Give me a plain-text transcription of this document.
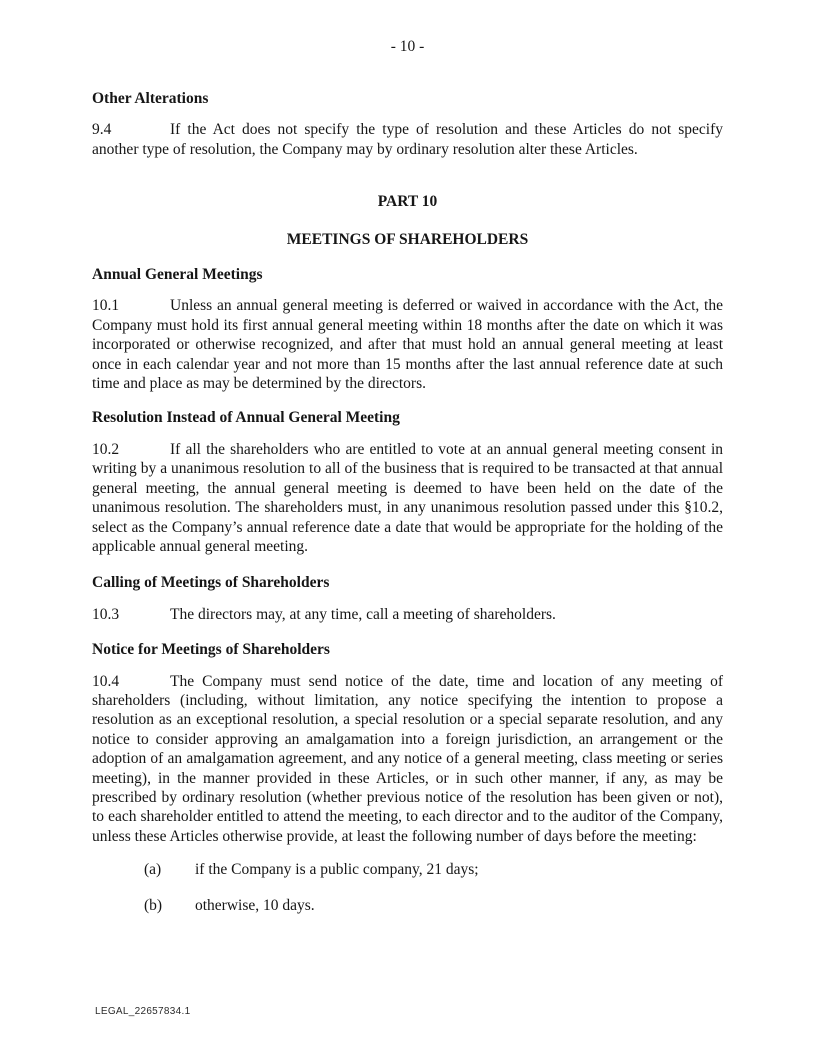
- 10 -
Other Alterations

9.4	If the Act does not specify the type of resolution and these Articles do not specify another type of resolution, the Company may by ordinary resolution alter these Articles.

PART 10
MEETINGS OF SHAREHOLDERS
Annual General Meetings

10.1	Unless an annual general meeting is deferred or waived in accordance with the Act, the Company must hold its first annual general meeting within 18 months after the date on which it was incorporated or otherwise recognized, and after that must hold an annual general meeting at least once in each calendar year and not more than 15 months after the last annual reference date at such time and place as may be determined by the directors.

Resolution Instead of Annual General Meeting

10.2	If all the shareholders who are entitled to vote at an annual general meeting consent in writing by a unanimous resolution to all of the business that is required to be transacted at that annual general meeting, the annual general meeting is deemed to have been held on the date of the unanimous resolution. The shareholders must, in any unanimous resolution passed under this §10.2, select as the Company’s annual reference date a date that would be appropriate for the holding of the applicable annual general meeting.

Calling of Meetings of Shareholders

10.3	The directors may, at any time, call a meeting of shareholders.

Notice for Meetings of Shareholders

10.4	The Company must send notice of the date, time and location of any meeting of shareholders (including, without limitation, any notice specifying the intention to propose a resolution as an exceptional resolution, a special resolution or a special separate resolution, and any notice to consider approving an amalgamation into a foreign jurisdiction, an arrangement or the adoption of an amalgamation agreement, and any notice of a general meeting, class meeting or series meeting), in the manner provided in these Articles, or in such other manner, if any, as may be prescribed by ordinary resolution (whether previous notice of the resolution has been given or not), to each shareholder entitled to attend the meeting, to each director and to the auditor of the Company, unless these Articles otherwise provide, at least the following number of days before the meeting:

(a) if the Company is a public company, 21 days;
(b) otherwise, 10 days.
LEGAL_22657834.1
